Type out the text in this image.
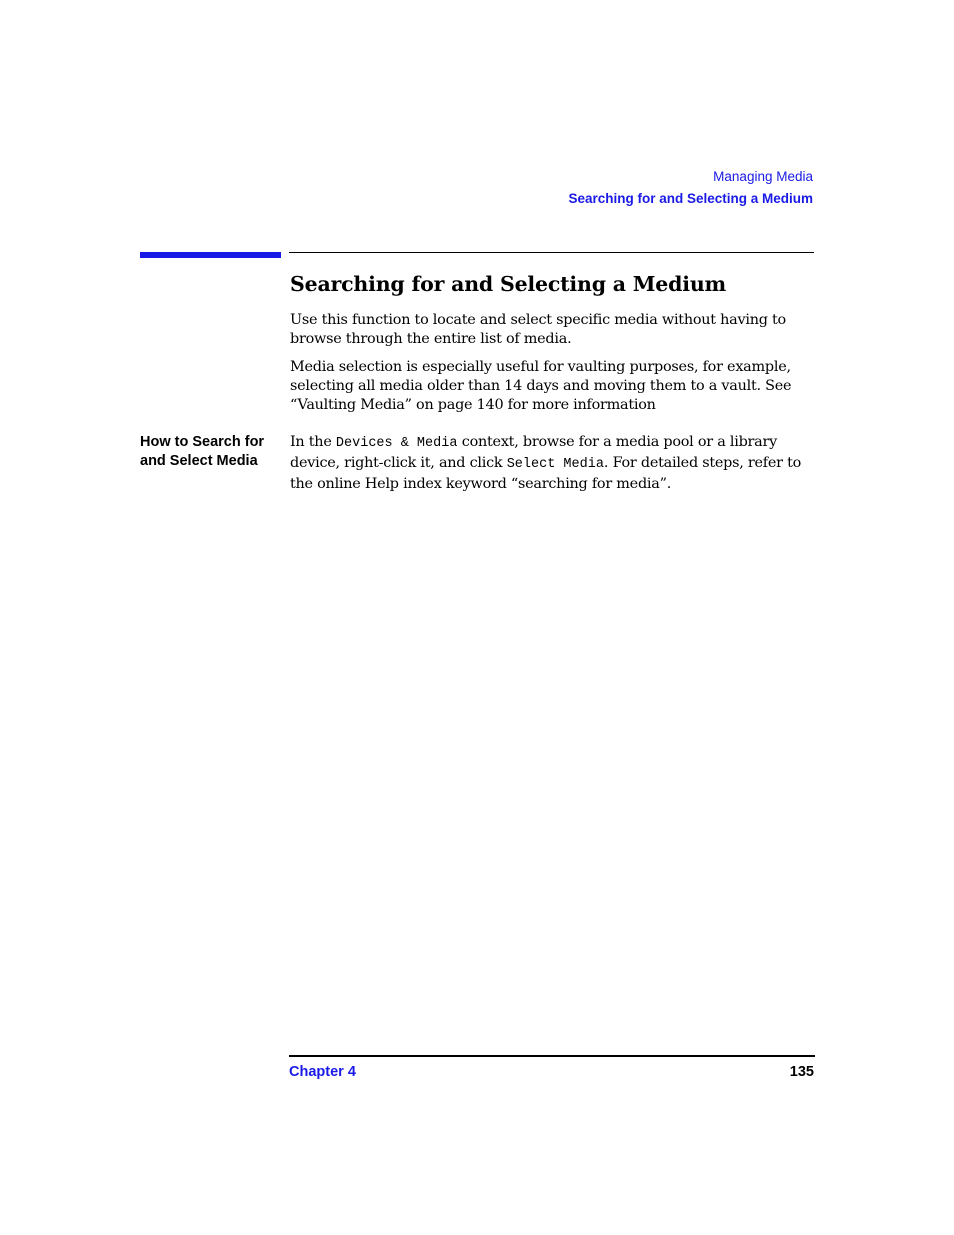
Managing Media
Searching for and Selecting a Medium
Searching for and Selecting a Medium

Use this function to locate and select specific media without having to browse through the entire list of media.

Media selection is especially useful for vaulting purposes, for example, selecting all media older than 14 days and moving them to a vault. See “Vaulting Media” on page 140 for more information

How to Search for and Select Media

In the Devices & Media context, browse for a media pool or a library device, right-click it, and click Select Media. For detailed steps, refer to the online Help index keyword “searching for media”.

Chapter 4	135
